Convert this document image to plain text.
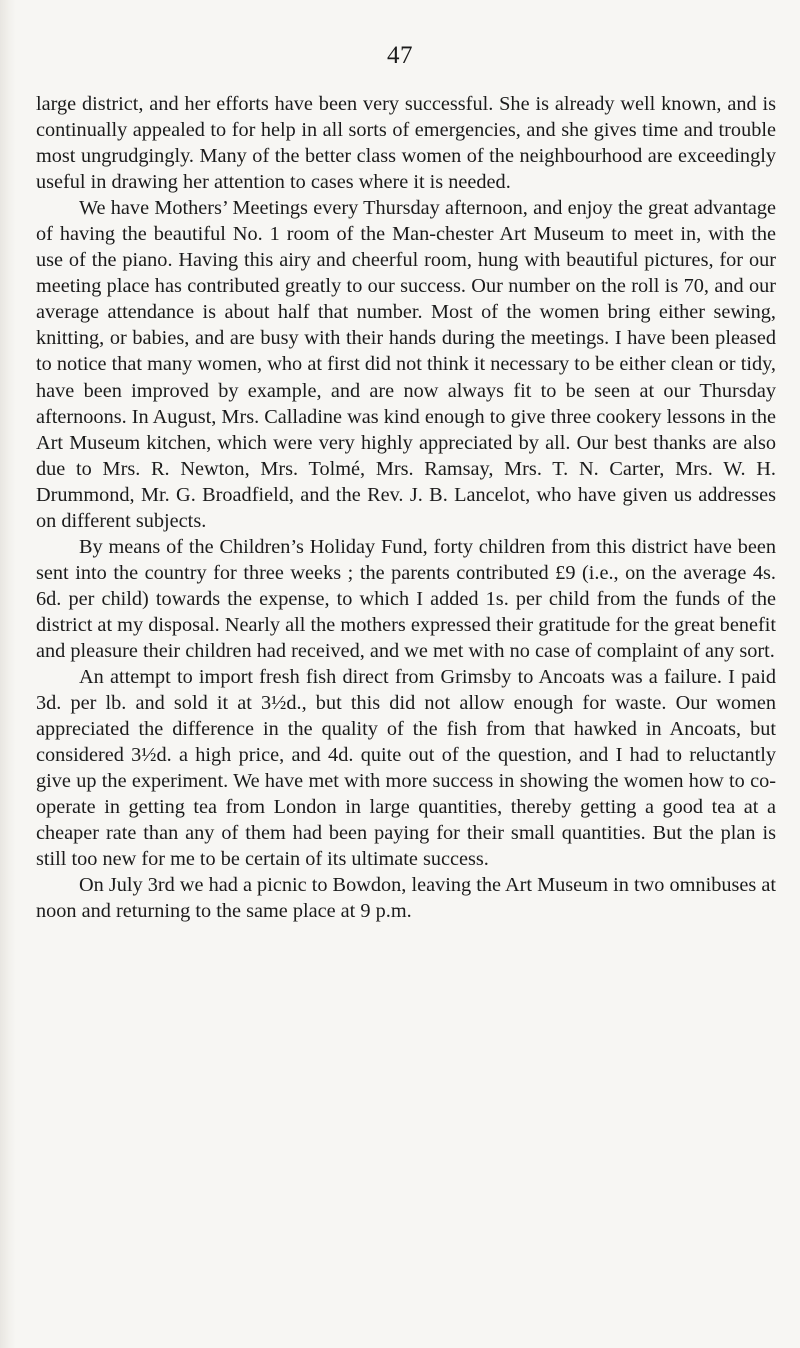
47

large district, and her efforts have been very successful. She is already well known, and is continually appealed to for help in all sorts of emergencies, and she gives time and trouble most ungrudgingly. Many of the better class women of the neighbourhood are exceedingly useful in drawing her attention to cases where it is needed.

We have Mothers’ Meetings every Thursday afternoon, and enjoy the great advantage of having the beautiful No. 1 room of the Man-chester Art Museum to meet in, with the use of the piano. Having this airy and cheerful room, hung with beautiful pictures, for our meeting place has contributed greatly to our success. Our number on the roll is 70, and our average attendance is about half that number. Most of the women bring either sewing, knitting, or babies, and are busy with their hands during the meetings. I have been pleased to notice that many women, who at first did not think it necessary to be either clean or tidy, have been improved by example, and are now always fit to be seen at our Thursday afternoons. In August, Mrs. Calladine was kind enough to give three cookery lessons in the Art Museum kitchen, which were very highly appreciated by all. Our best thanks are also due to Mrs. R. Newton, Mrs. Tolmé, Mrs. Ramsay, Mrs. T. N. Carter, Mrs. W. H. Drummond, Mr. G. Broadfield, and the Rev. J. B. Lancelot, who have given us addresses on different subjects.

By means of the Children’s Holiday Fund, forty children from this district have been sent into the country for three weeks ; the parents contributed £9 (i.e., on the average 4s. 6d. per child) towards the expense, to which I added 1s. per child from the funds of the district at my disposal. Nearly all the mothers expressed their gratitude for the great benefit and pleasure their children had received, and we met with no case of complaint of any sort.

An attempt to import fresh fish direct from Grimsby to Ancoats was a failure. I paid 3d. per lb. and sold it at 3½d., but this did not allow enough for waste. Our women appreciated the difference in the quality of the fish from that hawked in Ancoats, but considered 3½d. a high price, and 4d. quite out of the question, and I had to reluctantly give up the experiment. We have met with more success in showing the women how to co-operate in getting tea from London in large quantities, thereby getting a good tea at a cheaper rate than any of them had been paying for their small quantities. But the plan is still too new for me to be certain of its ultimate success.

On July 3rd we had a picnic to Bowdon, leaving the Art Museum in two omnibuses at noon and returning to the same place at 9 p.m.
